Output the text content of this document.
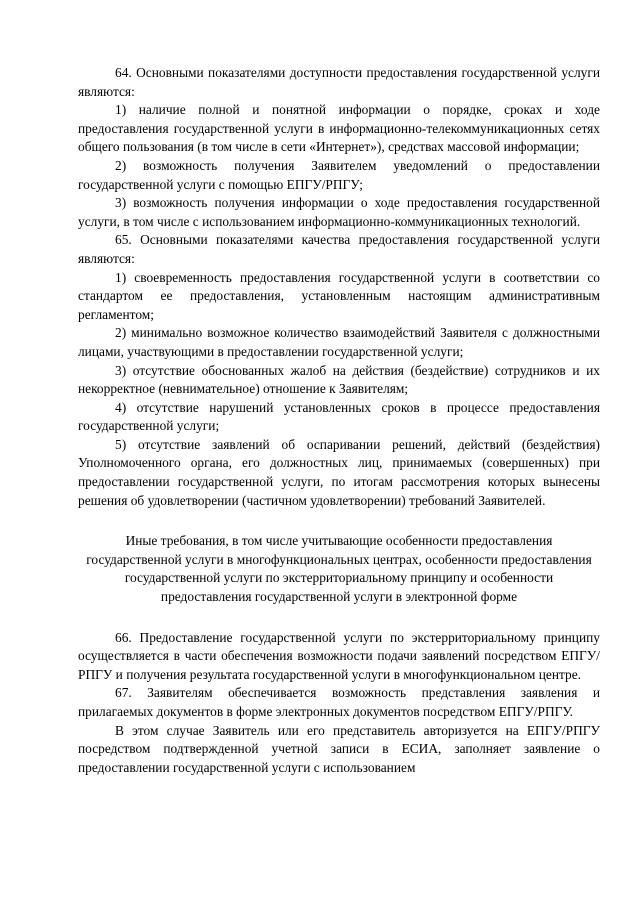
64. Основными показателями доступности предоставления государственной услуги являются:

1) наличие полной и понятной информации о порядке, сроках и ходе предоставления государственной услуги в информационно-телекоммуникационных сетях общего пользования (в том числе в сети «Интернет»), средствах массовой информации;

2) возможность получения Заявителем уведомлений о предоставлении государственной услуги с помощью ЕПГУ/РПГУ;

3) возможность получения информации о ходе предоставления государственной услуги, в том числе с использованием информационно-коммуникационных технологий.

65. Основными показателями качества предоставления государственной услуги являются:

1) своевременность предоставления государственной услуги в соответствии со стандартом ее предоставления, установленным настоящим административным регламентом;

2) минимально возможное количество взаимодействий Заявителя с должностными лицами, участвующими в предоставлении государственной услуги;

3) отсутствие обоснованных жалоб на действия (бездействие) сотрудников и их некорректное (невнимательное) отношение к Заявителям;

4) отсутствие нарушений установленных сроков в процессе предоставления государственной услуги;

5) отсутствие заявлений об оспаривании решений, действий (бездействия) Уполномоченного органа, его должностных лиц, принимаемых (совершенных) при предоставлении государственной услуги, по итогам рассмотрения которых вынесены решения об удовлетворении (частичном удовлетворении) требований Заявителей.

Иные требования, в том числе учитывающие особенности предоставления государственной услуги в многофункциональных центрах, особенности предоставления государственной услуги по экстерриториальному принципу и особенности предоставления государственной услуги в электронной форме

66. Предоставление государственной услуги по экстерриториальному принципу осуществляется в части обеспечения возможности подачи заявлений посредством ЕПГУ/РПГУ и получения результата государственной услуги в многофункциональном центре.

67. Заявителям обеспечивается возможность представления заявления и прилагаемых документов в форме электронных документов посредством ЕПГУ/РПГУ.

В этом случае Заявитель или его представитель авторизуется на ЕПГУ/РПГУ посредством подтвержденной учетной записи в ЕСИА, заполняет заявление о предоставлении государственной услуги с использованием
